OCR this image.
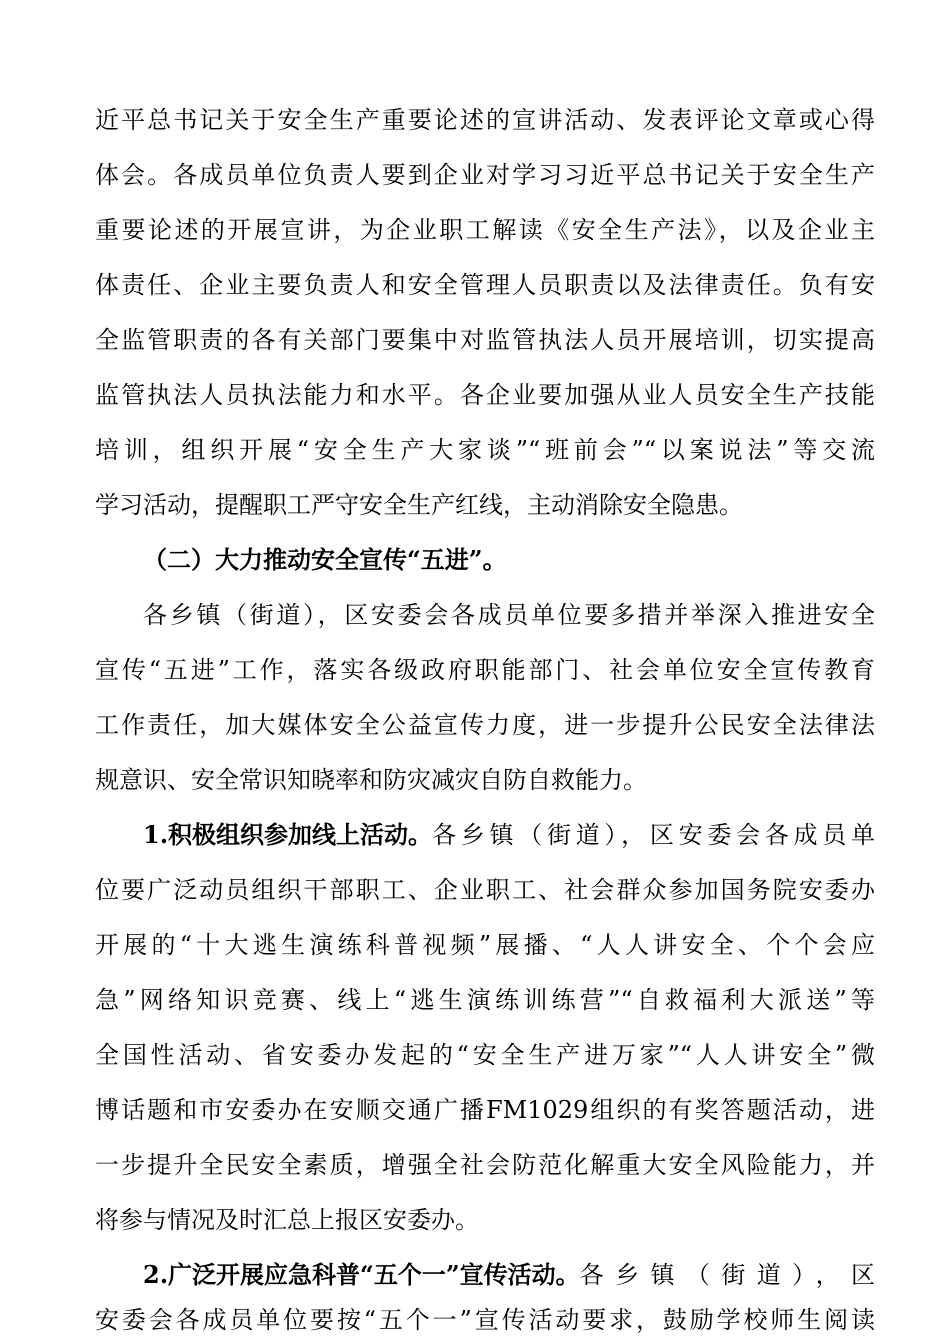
近平总书记关于安全生产重要论述的宣讲活动、发表评论文章或心得
体会。各成员单位负责人要到企业对学习习近平总书记关于安全生产
重要论述的开展宣讲，为企业职工解读《安全生产法》，以及企业主
体责任、企业主要负责人和安全管理人员职责以及法律责任。负有安
全监管职责的各有关部门要集中对监管执法人员开展培训，切实提高
监管执法人员执法能力和水平。各企业要加强从业人员安全生产技能
培训，组织开展“安全生产大家谈”“班前会”“以案说法”等交流
学习活动，提醒职工严守安全生产红线，主动消除安全隐患。
（二）大力推动安全宣传“五进”。
各乡镇（街道），区安委会各成员单位要多措并举深入推进安全
宣传“五进”工作，落实各级政府职能部门、社会单位安全宣传教育
工作责任，加大媒体安全公益宣传力度，进一步提升公民安全法律法
规意识、安全常识知晓率和防灾减灾自防自救能力。
1.积极组织参加线上活动。 各乡镇（街道），区安委会各成员单
位要广泛动员组织干部职工、企业职工、社会群众参加国务院安委办
开展的“十大逃生演练科普视频”展播、“人人讲安全、个个会应
急”网络知识竞赛、线上“逃生演练训练营”“自救福利大派送”等
全国性活动、省安委办发起的“安全生产进万家”“人人讲安全”微
博话题和市安委办在安顺交通广播FM1029组织的有奖答题活动，进
一步提升全民安全素质，增强全社会防范化解重大安全风险能力，并
将参与情况及时汇总上报区安委办。
2.广泛开展应急科普“五个一”宣传活动。 各乡镇（街道），区
安委会各成员单位要按“五个一”宣传活动要求，鼓励学校师生阅读
